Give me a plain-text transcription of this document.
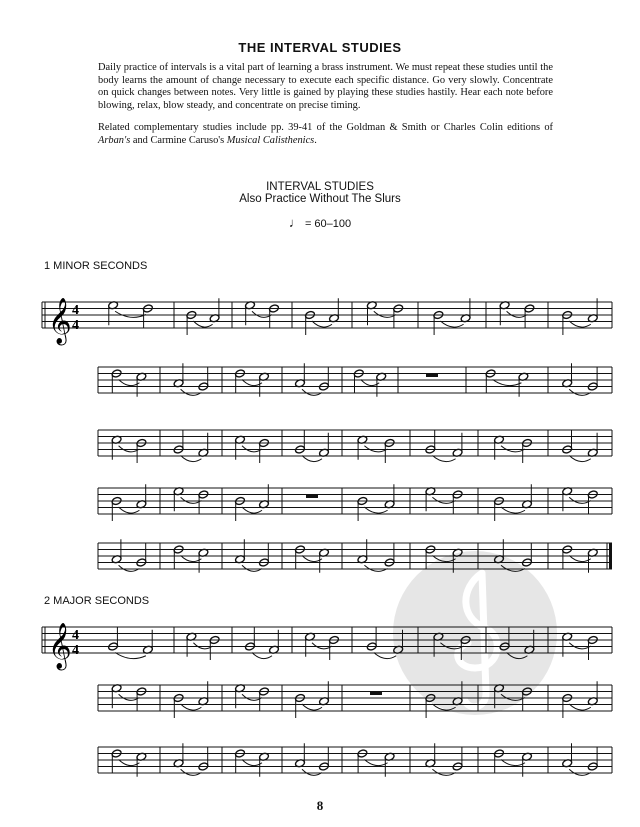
THE INTERVAL STUDIES

Daily practice of intervals is a vital part of learning a brass instrument. We must repeat these studies until the body learns the amount of change necessary to execute each specific distance. Go very slowly. Concentrate on quick changes between notes. Very little is gained by playing these studies hastily. Hear each note before blowing, relax, blow steady, and concentrate on precise timing.

Related complementary studies include pp. 39-41 of the Goldman & Smith or Charles Colin editions of Arban's and Carmine Caruso's Musical Calisthenics.

INTERVAL STUDIES
Also Practice Without The Slurs
♩ = 60–100
1 MINOR SECONDS
2 MAJOR SECONDS
𝄞 4
4
𝄞 4
4
8
